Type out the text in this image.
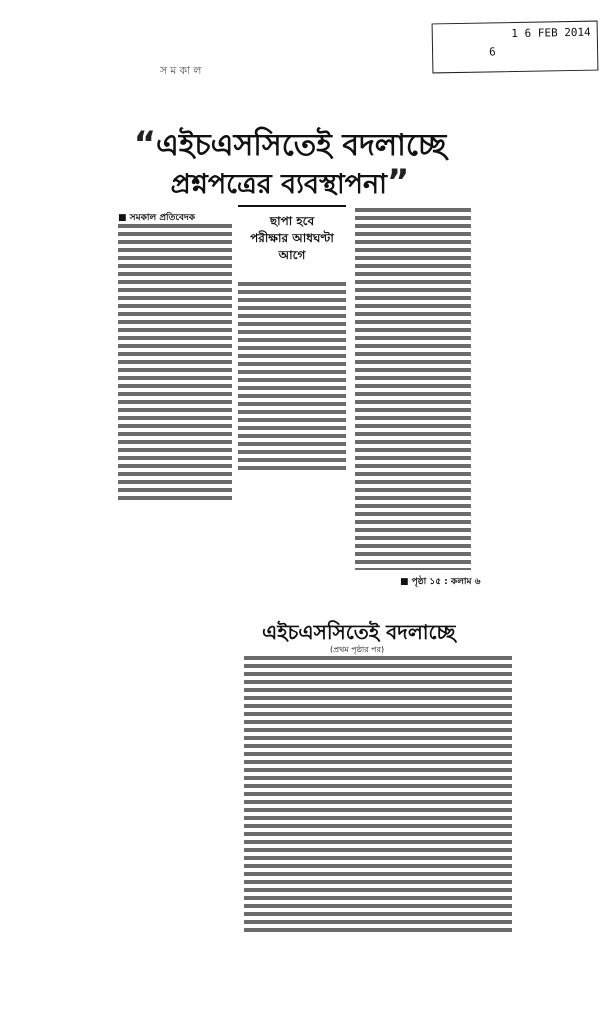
1 6 FEB 2014
6
সমকাল
“এইচএসসিতেই বদলাচ্ছে
প্রশ্নপত্রের ব্যবস্থাপনা”
■ সমকাল প্রতিবেদক	ছাপা হবে
পরীক্ষার আধঘণ্টা
আগে
■ পৃষ্ঠা ১৫ : কলাম ৬
এইচএসসিতেই বদলাচ্ছে
(প্রথম পৃষ্ঠার পর)
